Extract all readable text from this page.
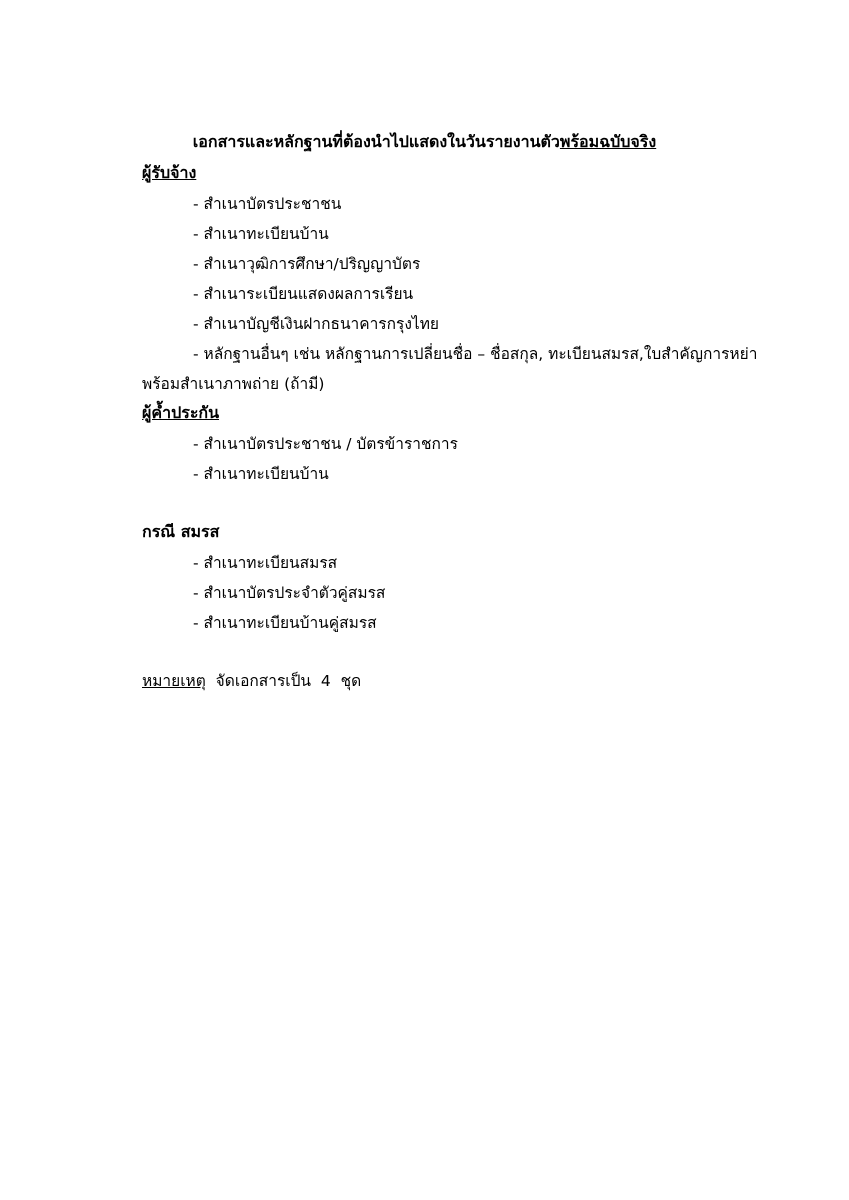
เอกสารและหลักฐานที่ต้องนำไปแสดงในวันรายงานตัวพร้อมฉบับจริง
ผู้รับจ้าง
- สำเนาบัตรประชาชน
- สำเนาทะเบียนบ้าน
- สำเนาวุฒิการศึกษา/ปริญญาบัตร
- สำเนาระเบียนแสดงผลการเรียน
- สำเนาบัญชีเงินฝากธนาคารกรุงไทย
- หลักฐานอื่นๆ เช่น หลักฐานการเปลี่ยนชื่อ – ชื่อสกุล, ทะเบียนสมรส,ใบสำคัญการหย่า
พร้อมสำเนาภาพถ่าย (ถ้ามี)
ผู้ค้ำประกัน
- สำเนาบัตรประชาชน / บัตรข้าราชการ
- สำเนาทะเบียนบ้าน
กรณี สมรส
- สำเนาทะเบียนสมรส
- สำเนาบัตรประจำตัวคู่สมรส
- สำเนาทะเบียนบ้านคู่สมรส
หมายเหตุ  จัดเอกสารเป็น  4  ชุด
